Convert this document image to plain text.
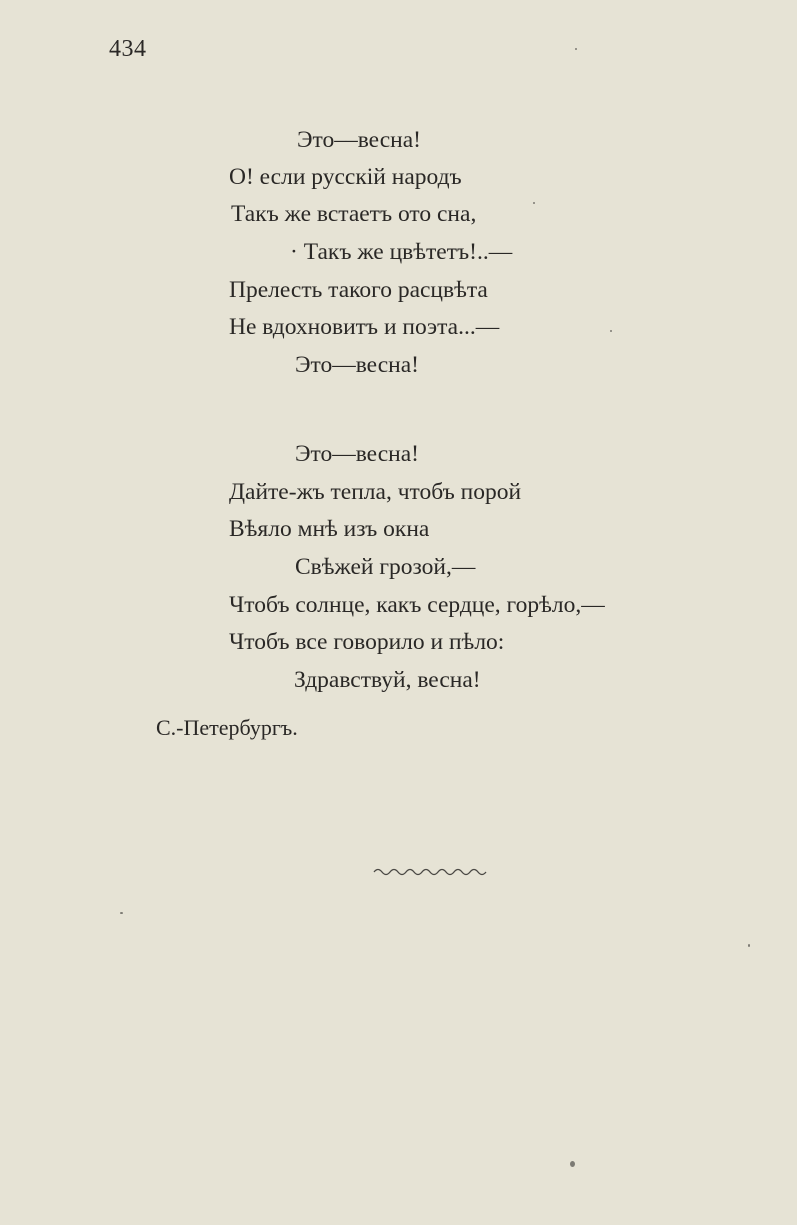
434
Это––весна!
О! если русскій народъ
Такъ же встаетъ ото сна,
· Такъ же цвѣтетъ!..—
Прелесть такого расцвѣта
Не вдохновитъ и поэта...—
Это—весна!
Это—весна!
Дайте-жъ тепла, чтобъ порой
Вѣяло мнѣ изъ окна
Свѣжей грозой,—
Чтобъ солнце, какъ сердце, горѣло,—
Чтобъ все говорило и пѣло:
Здравствуй, весна!
С.-Петербургъ.
